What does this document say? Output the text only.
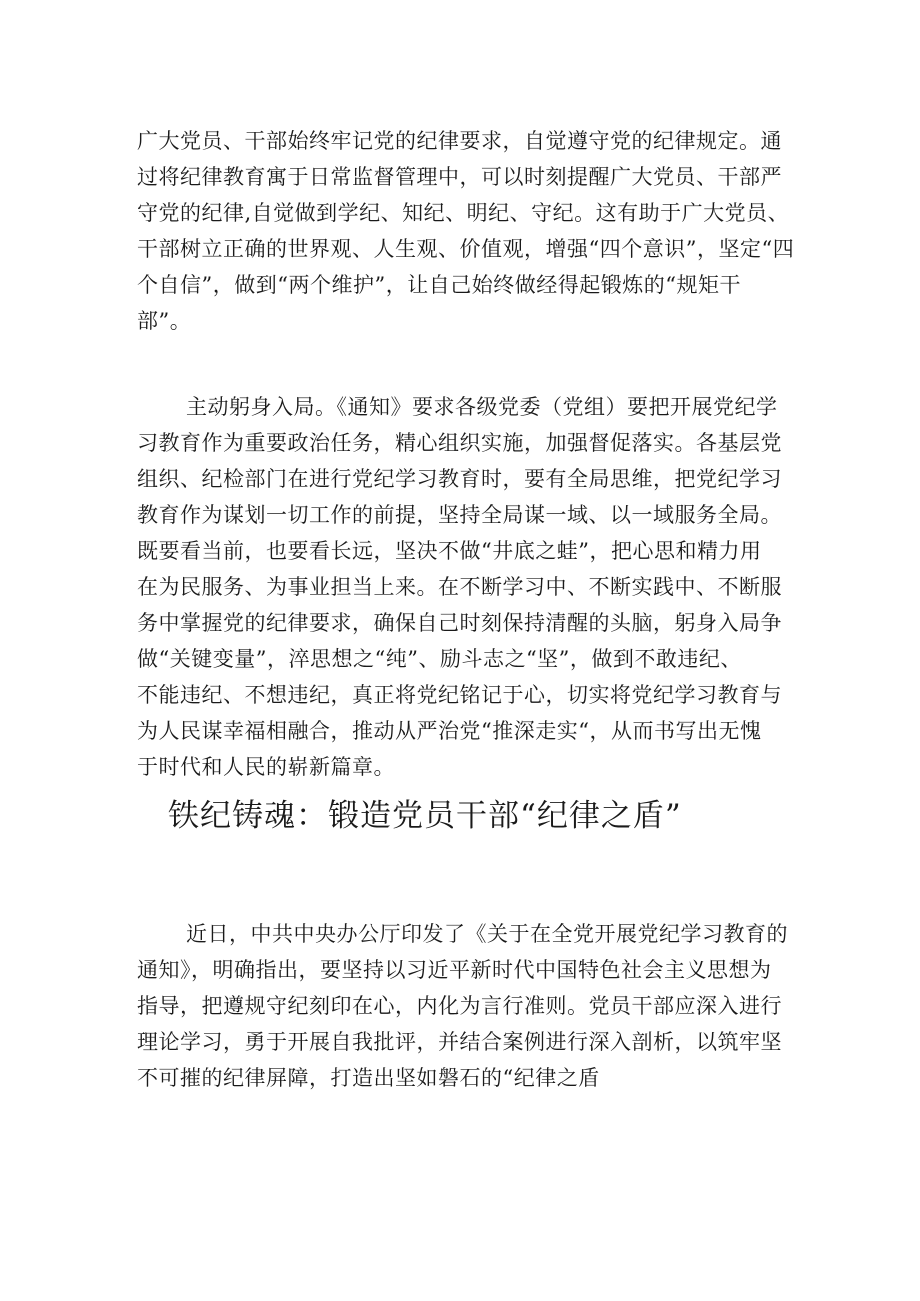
广大党员、干部始终牢记党的纪律要求，自觉遵守党的纪律规定。通
过将纪律教育寓于日常监督管理中，可以时刻提醒广大党员、干部严
守党的纪律,自觉做到学纪、知纪、明纪、守纪。这有助于广大党员、
干部树立正确的世界观、人生观、价值观，增强“四个意识”，坚定“四
个自信”，做到“两个维护”，让自己始终做经得起锻炼的“规矩干
部”。
主动躬身入局。《通知》要求各级党委（党组）要把开展党纪学
习教育作为重要政治任务，精心组织实施，加强督促落实。各基层党
组织、纪检部门在进行党纪学习教育时，要有全局思维，把党纪学习
教育作为谋划一切工作的前提，坚持全局谋一域、以一域服务全局。
既要看当前，也要看长远，坚决不做“井底之蛙”，把心思和精力用
在为民服务、为事业担当上来。在不断学习中、不断实践中、不断服
务中掌握党的纪律要求，确保自己时刻保持清醒的头脑，躬身入局争
做“关键变量”，淬思想之“纯”、励斗志之“坚”，做到不敢违纪、
不能违纪、不想违纪，真正将党纪铭记于心，切实将党纪学习教育与
为人民谋幸福相融合，推动从严治党“推深走实“，从而书写出无愧
于时代和人民的崭新篇章。
铁纪铸魂：锻造党员干部“纪律之盾”
近日，中共中央办公厅印发了《关于在全党开展党纪学习教育的
通知》，明确指出，要坚持以习近平新时代中国特色社会主义思想为
指导，把遵规守纪刻印在心，内化为言行准则。党员干部应深入进行
理论学习，勇于开展自我批评，并结合案例进行深入剖析，以筑牢坚
不可摧的纪律屏障，打造出坚如磐石的“纪律之盾
